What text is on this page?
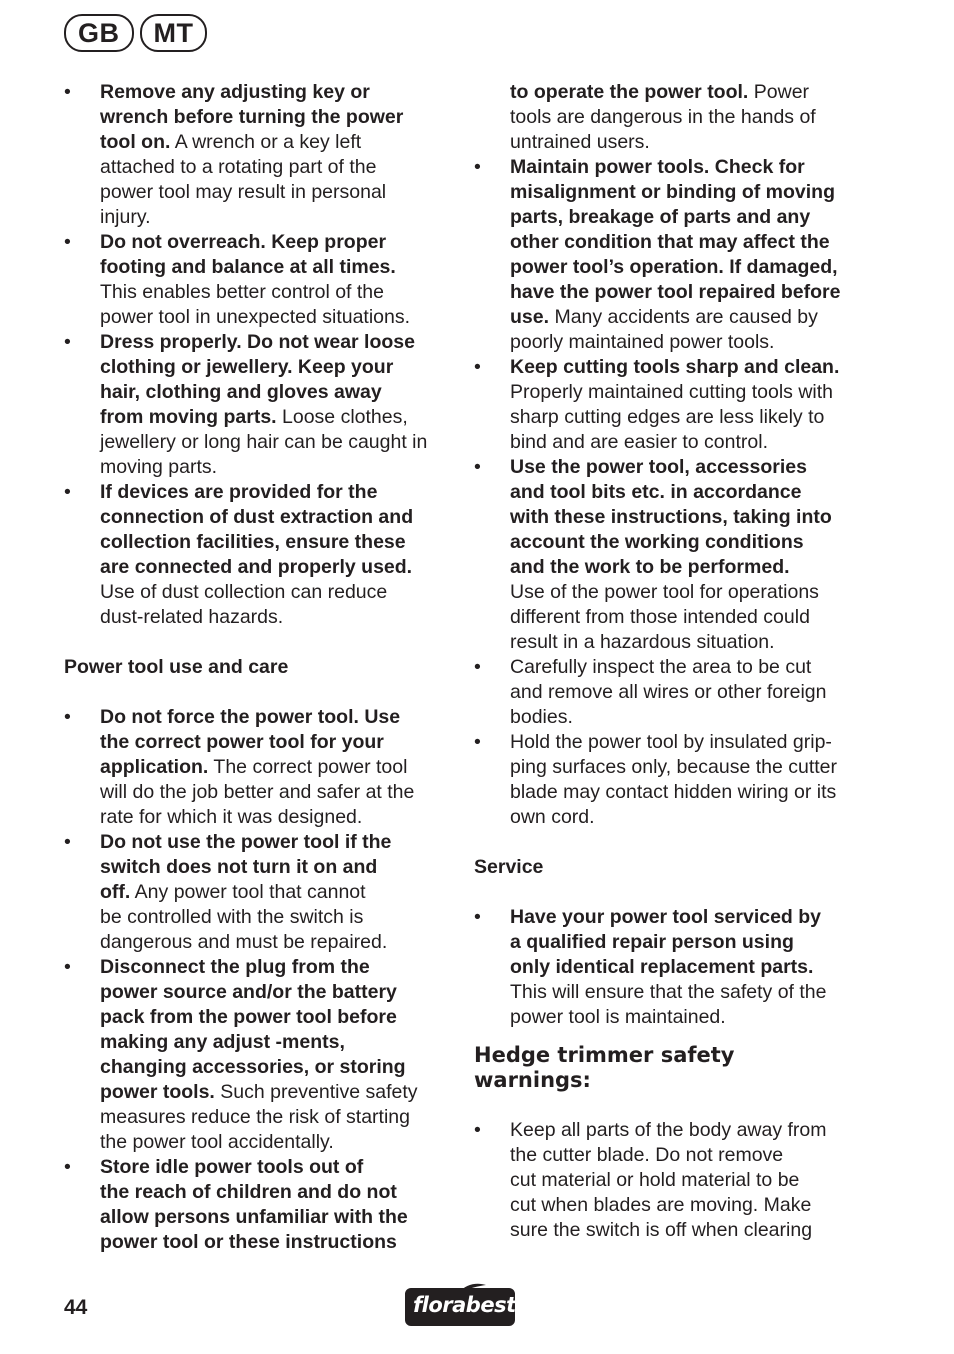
GB	MT
• Remove any adjusting key or
wrench before turning the power
tool on. A wrench or a key left
attached to a rotating part of the
power tool may result in personal
injury.
• Do not overreach. Keep proper
footing and balance at all times.
This enables better control of the
power tool in unexpected situations.
• Dress properly. Do not wear loose
clothing or jewellery. Keep your
hair, clothing and gloves away
from moving parts. Loose clothes,
jewellery or long hair can be caught in
moving parts.
• If devices are provided for the
connection of dust extraction and
collection facilities, ensure these
are connected and properly used.
Use of dust collection can reduce
dust-related hazards.
Power tool use and care
• Do not force the power tool. Use
the correct power tool for your
application. The correct power tool
will do the job better and safer at the
rate for which it was designed.
• Do not use the power tool if the
switch does not turn it on and
off. Any power tool that cannot
be controlled with the switch is
dangerous and must be repaired.
• Disconnect the plug from the
power source and/or the battery
pack from the power tool before
making any adjust -ments,
changing accessories, or storing
power tools. Such preventive safety
measures reduce the risk of starting
the power tool accidentally.
• Store idle power tools out of
the reach of children and do not
allow persons unfamiliar with the
power tool or these instructions
to operate the power tool. Power
tools are dangerous in the hands of
untrained users.
• Maintain power tools. Check for
misalignment or binding of moving
parts, breakage of parts and any
other condition that may affect the
power tool’s operation. If damaged,
have the power tool repaired before
use. Many accidents are caused by
poorly maintained power tools.
• Keep cutting tools sharp and clean.
Properly maintained cutting tools with
sharp cutting edges are less likely to
bind and are easier to control.
• Use the power tool, accessories
and tool bits etc. in accordance
with these instructions, taking into
account the working conditions
and the work to be performed.
Use of the power tool for operations
different from those intended could
result in a hazardous situation.
• Carefully inspect the area to be cut
and remove all wires or other foreign
bodies.
• Hold the power tool by insulated grip-
ping surfaces only, because the cutter
blade may contact hidden wiring or its
own cord.
Service
• Have your power tool serviced by
a qualified repair person using
only identical replacement parts.
This will ensure that the safety of the
power tool is maintained.
Hedge trimmer safety
warnings:
• Keep all parts of the body away from
the cutter blade. Do not remove
cut material or hold material to be
cut when blades are moving. Make
sure the switch is off when clearing
44	florabest
